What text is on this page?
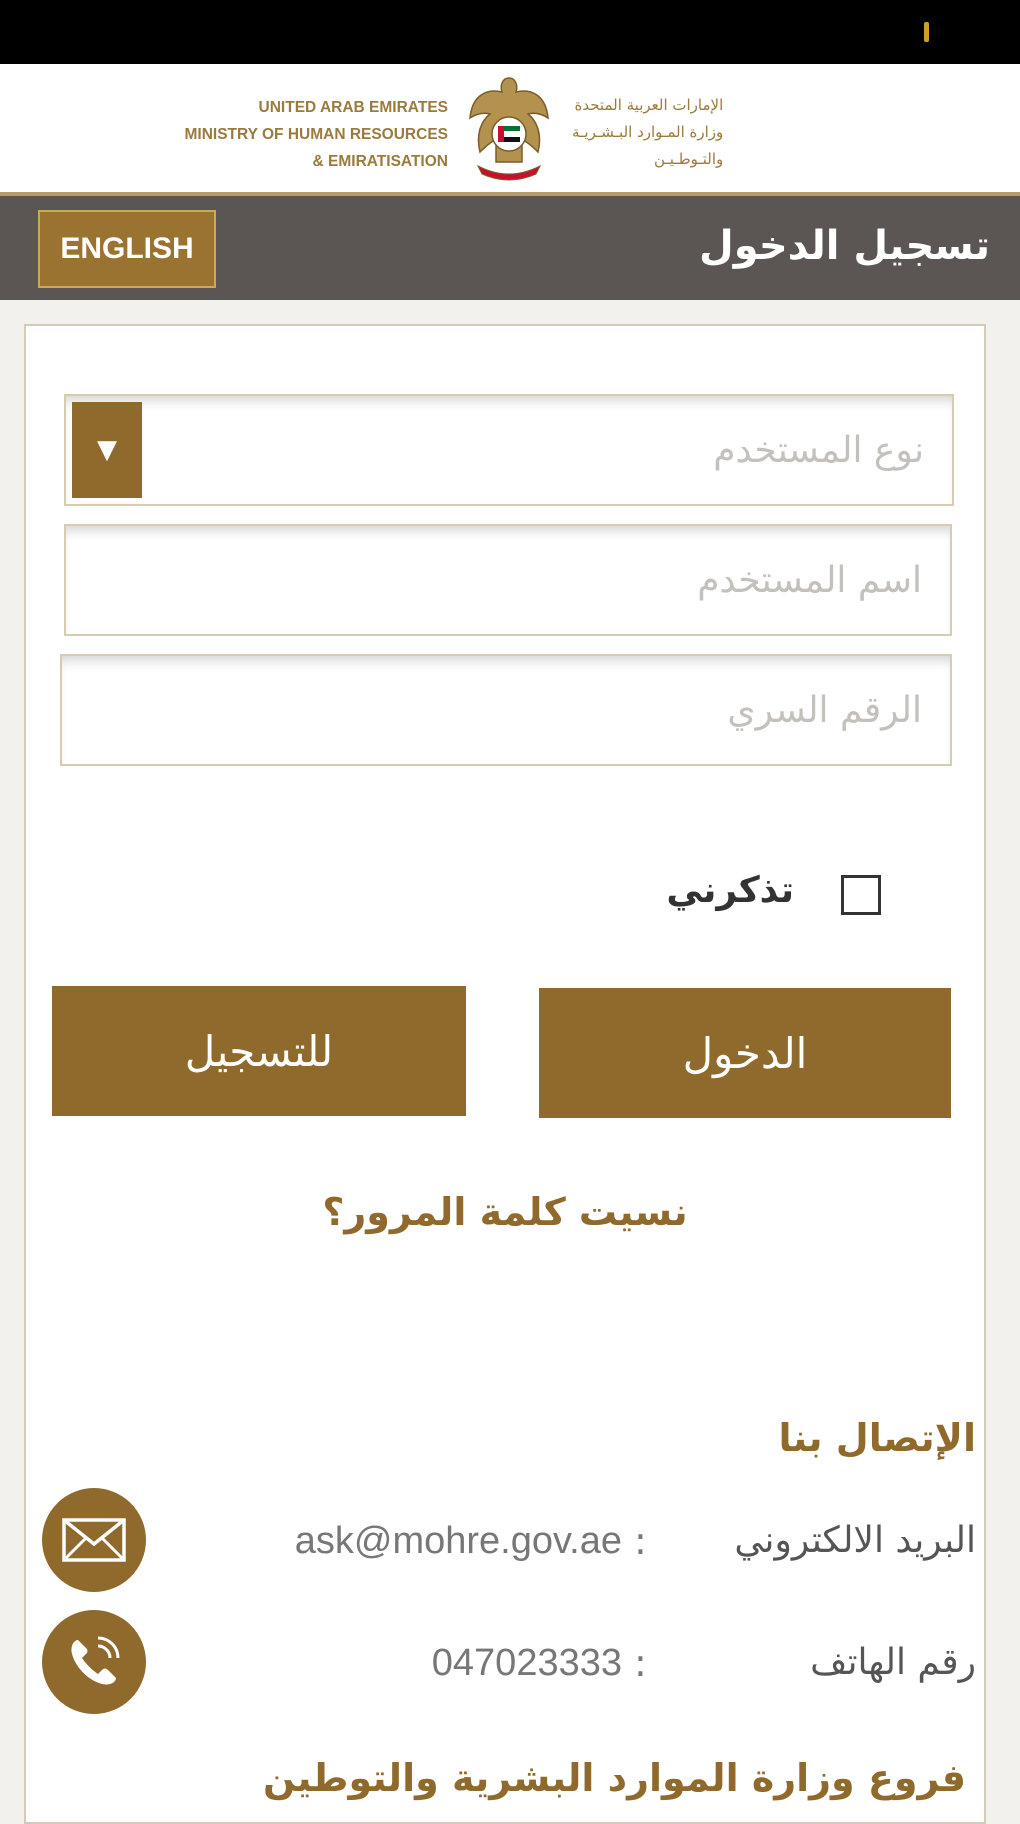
UNITED ARAB EMIRATES
MINISTRY OF HUMAN RESOURCES
& EMIRATISATION
الإمارات العربية المتحدة
وزارة المـوارد البـشـريـة
والتـوطـيـن
تسجيل الدخول
ENGLISH
نوع المستخدم
▼
اسم المستخدم
تذكرني
الدخول
للتسجيل
نسيت كلمة المرور؟
الإتصال بنا
البريد الالكتروني
:
ask@mohre.gov.ae
رقم الهاتف
:
047023333
فروع وزارة الموارد البشرية والتوطين
